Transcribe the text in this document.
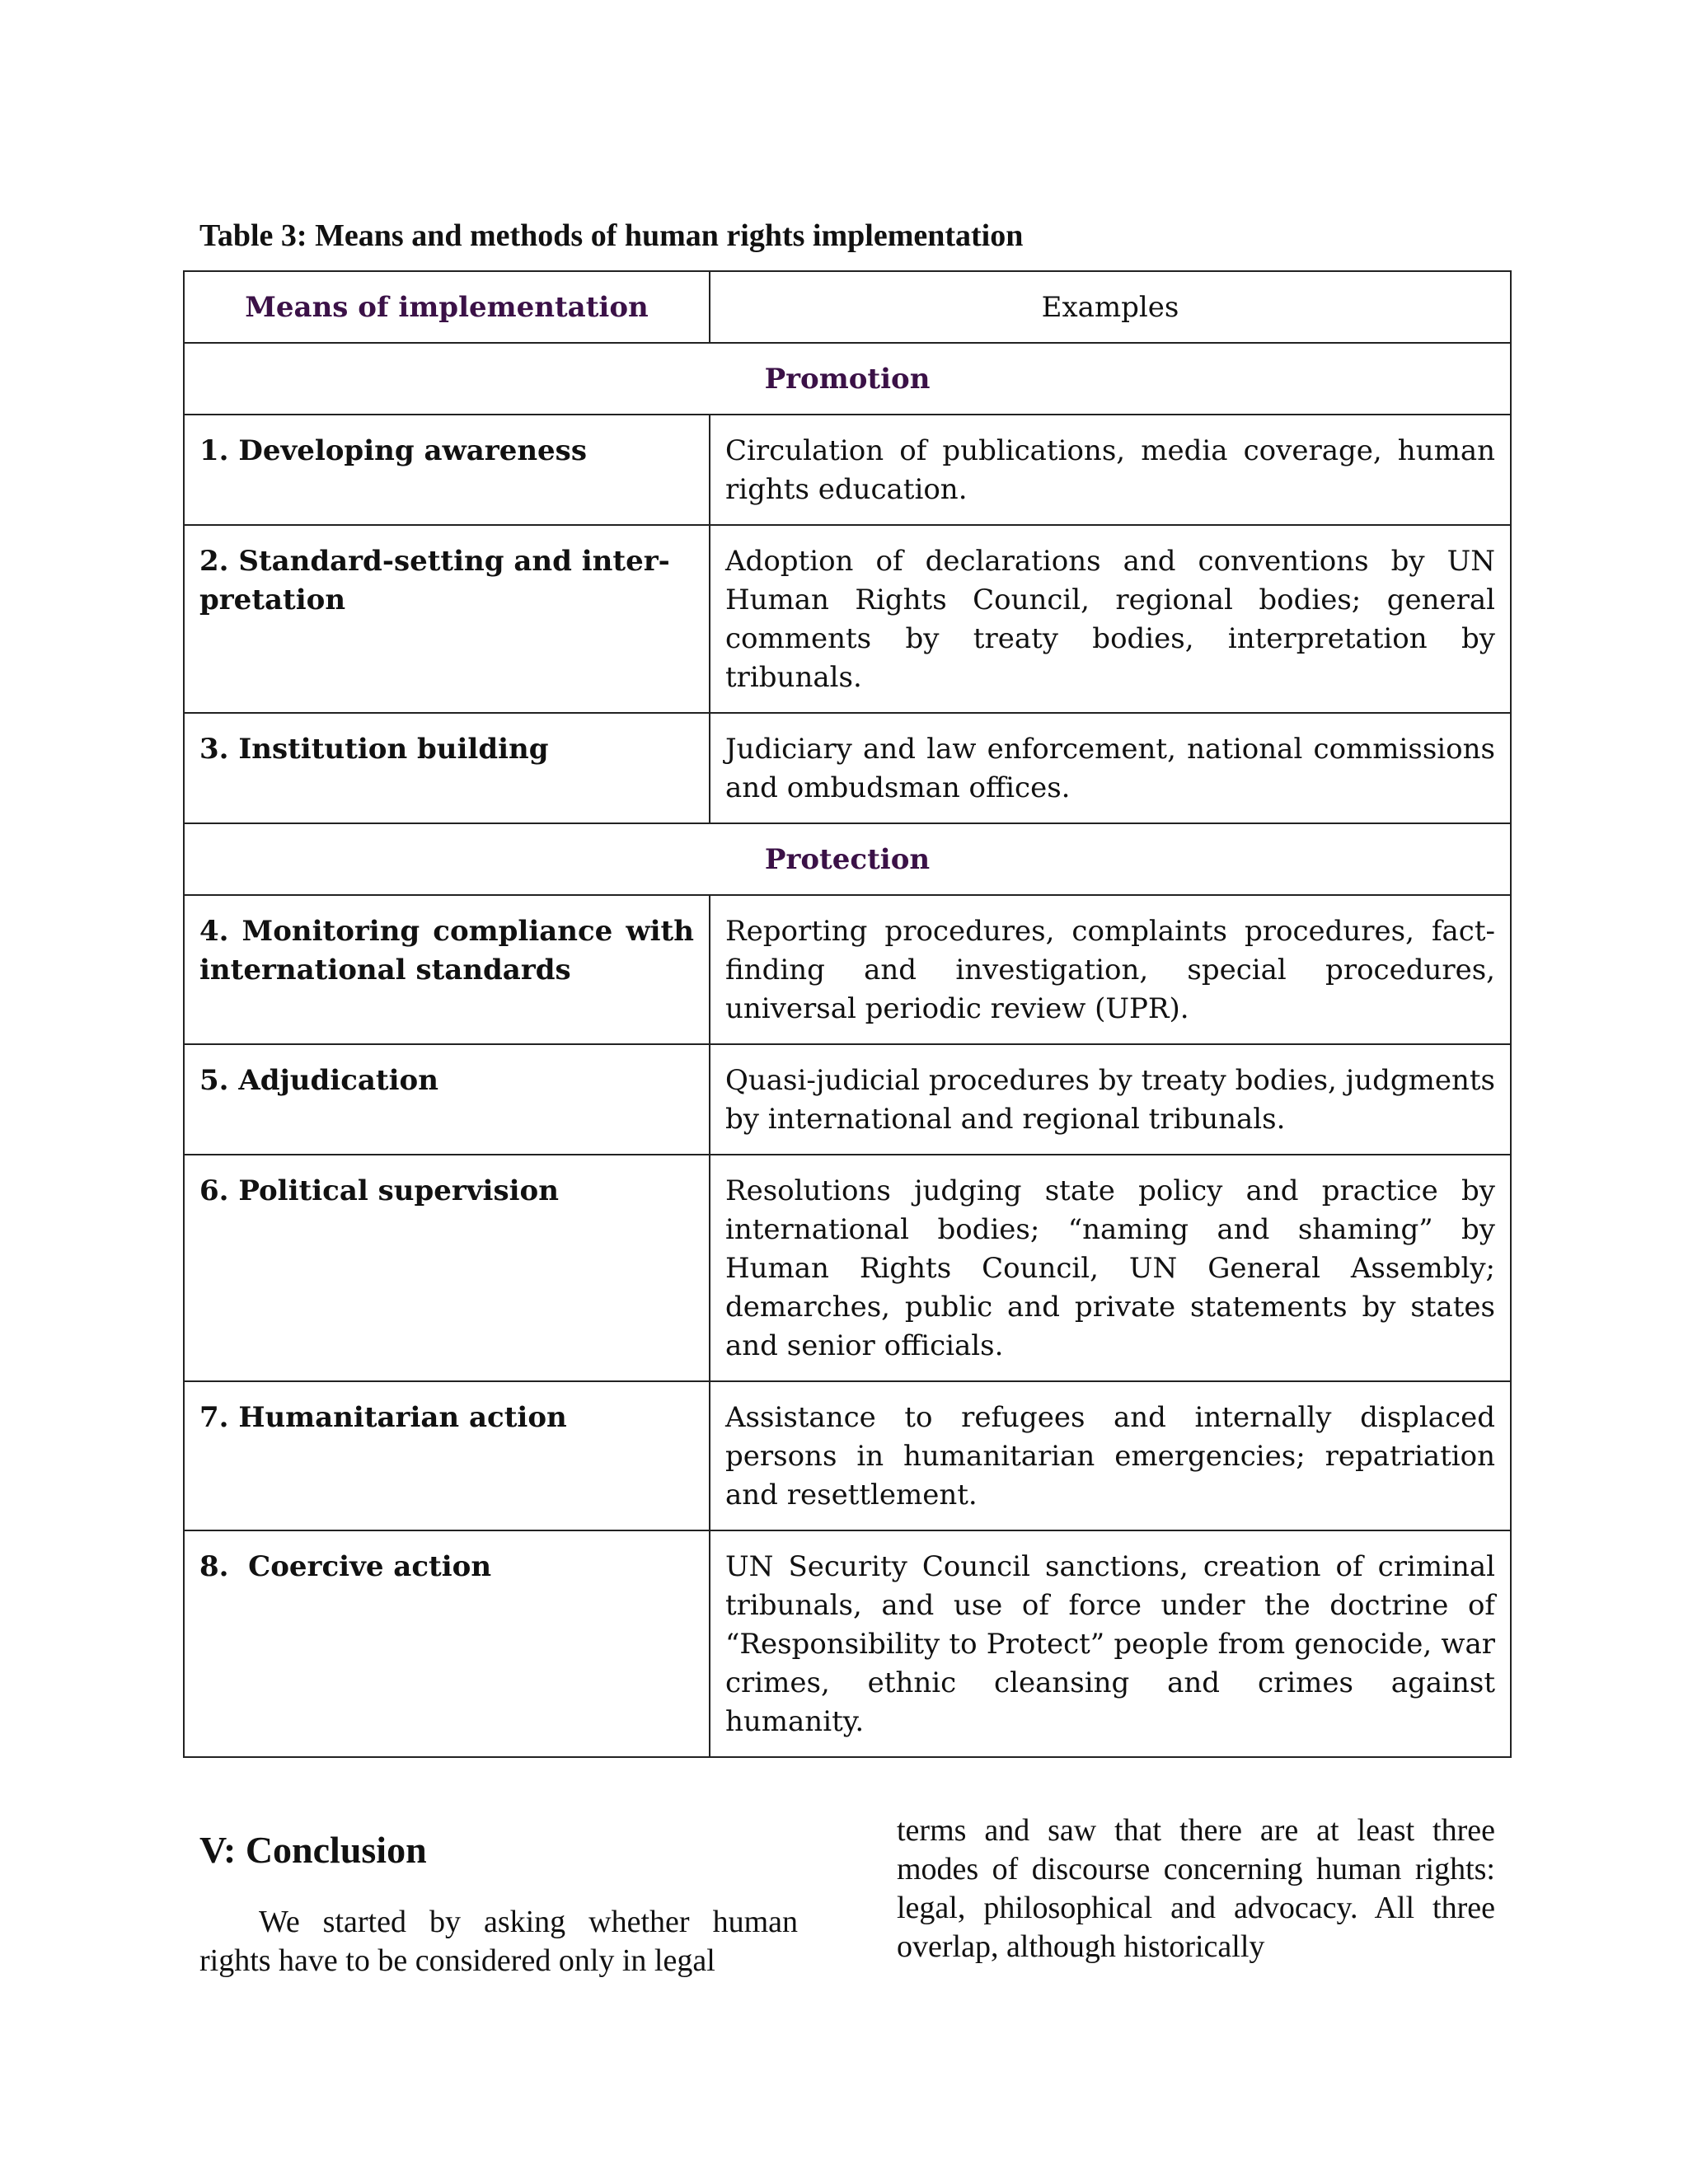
Table 3: Means and methods of human rights implementation

Means of implementation	Examples
Promotion	
1. Developing awareness	Circulation of publications, media coverage, human rights education.
2. Standard-setting and interpretation	Adoption of declarations and conventions by UN Human Rights Council, regional bodies; general comments by treaty bodies, interpretation by tribunals.
3. Institution building	Judiciary and law enforcement, national commissions and ombudsman offices.
Protection	
4. Monitoring compliance with international standards	Reporting procedures, complaints procedures, fact-finding and investigation, special procedures, universal periodic review (UPR).
5. Adjudication	Quasi-judicial procedures by treaty bodies, judgments by international and regional tribunals.
6. Political supervision	Resolutions judging state policy and practice by international bodies; “naming and shaming” by Human Rights Council, UN General Assembly; demarches, public and private statements by states and senior officials.
7. Humanitarian action	Assistance to refugees and internally displaced persons in humanitarian emergencies; repatriation and resettlement.
8.  Coercive action	UN Security Council sanctions, creation of criminal tribunals, and use of force under the doctrine of “Responsibility to Protect” people from genocide, war crimes, ethnic cleansing and crimes against humanity.
V: Conclusion

We started by asking whether human rights have to be considered only in legal

terms and saw that there are at least three modes of discourse concerning human rights: legal, philosophical and advocacy. All three overlap, although historically
